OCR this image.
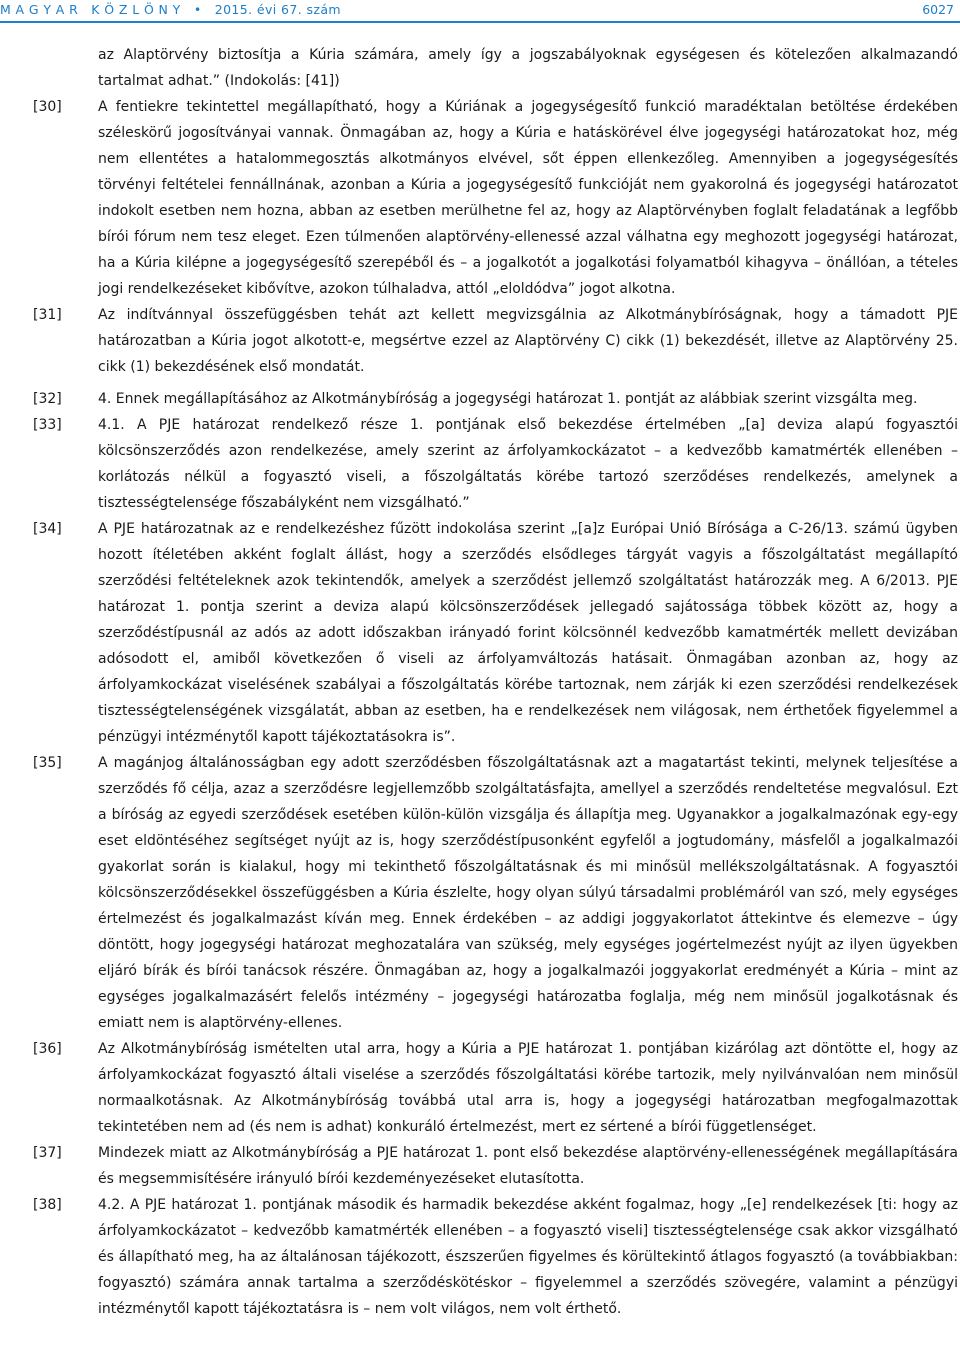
M A G Y A R   K Ö Z L Ö N Y   •   2015. évi 67. szám	6027
az Alaptörvény biztosítja a Kúria számára, amely így a jogszabályoknak egységesen és kötelezően alkalmazandó tartalmat adhat.” (Indokolás: [41])
[30]	A fentiekre tekintettel megállapítható, hogy a Kúriának a jogegységesítő funkció maradéktalan betöltése érdekében széleskörű jogosítványai vannak. Önmagában az, hogy a Kúria e hatáskörével élve jogegységi határozatokat hoz, még nem ellentétes a hatalommegosztás alkotmányos elvével, sőt éppen ellenkezőleg. Amennyiben a jogegységesítés törvényi feltételei fennállnának, azonban a Kúria a jogegységesítő funkcióját nem gyakorolná és jogegységi határozatot indokolt esetben nem hozna, abban az esetben merülhetne fel az, hogy az Alaptörvényben foglalt feladatának a legfőbb bírói fórum nem tesz eleget. Ezen túlmenően alaptörvény-ellenessé azzal válhatna egy meghozott jogegységi határozat, ha a Kúria kilépne a jogegységesítő szerepéből és – a jogalkotót a jogalkotási folyamatból kihagyva – önállóan, a tételes jogi rendelkezéseket kibővítve, azokon túlhaladva, attól „eloldódva” jogot alkotna.
[31]	Az indítvánnyal összefüggésben tehát azt kellett megvizsgálnia az Alkotmánybíróságnak, hogy a támadott PJE határozatban a Kúria jogot alkotott-e, megsértve ezzel az Alaptörvény C) cikk (1) bekezdését, illetve az Alaptörvény 25. cikk (1) bekezdésének első mondatát.
[32]	4. Ennek megállapításához az Alkotmánybíróság a jogegységi határozat 1. pontját az alábbiak szerint vizsgálta meg.
[33]	4.1. A PJE határozat rendelkező része 1. pontjának első bekezdése értelmében „[a] deviza alapú fogyasztói kölcsönszerződés azon rendelkezése, amely szerint az árfolyamkockázatot – a kedvezőbb kamatmérték ellenében – korlátozás nélkül a fogyasztó viseli, a főszolgáltatás körébe tartozó szerződéses rendelkezés, amelynek a tisztességtelensége főszabályként nem vizsgálható.”
[34]	A PJE határozatnak az e rendelkezéshez fűzött indokolása szerint „[a]z Európai Unió Bírósága a C-26/13. számú ügyben hozott ítéletében akként foglalt állást, hogy a szerződés elsődleges tárgyát vagyis a főszolgáltatást megállapító szerződési feltételeknek azok tekintendők, amelyek a szerződést jellemző szolgáltatást határozzák meg. A 6/2013. PJE határozat 1. pontja szerint a deviza alapú kölcsönszerződések jellegadó sajátossága többek között az, hogy a szerződéstípusnál az adós az adott időszakban irányadó forint kölcsönnél kedvezőbb kamatmérték mellett devizában adósodott el, amiből következően ő viseli az árfolyamváltozás hatásait. Önmagában azonban az, hogy az árfolyamkockázat viselésének szabályai a főszolgáltatás körébe tartoznak, nem zárják ki ezen szerződési rendelkezések tisztességtelenségének vizsgálatát, abban az esetben, ha e rendelkezések nem világosak, nem érthetőek figyelemmel a pénzügyi intézménytől kapott tájékoztatásokra is”.
[35]	A magánjog általánosságban egy adott szerződésben főszolgáltatásnak azt a magatartást tekinti, melynek teljesítése a szerződés fő célja, azaz a szerződésre legjellemzőbb szolgáltatásfajta, amellyel a szerződés rendeltetése megvalósul. Ezt a bíróság az egyedi szerződések esetében külön-külön vizsgálja és állapítja meg. Ugyanakkor a jogalkalmazónak egy-egy eset eldöntéséhez segítséget nyújt az is, hogy szerződéstípusonként egyfelől a jogtudomány, másfelől a jogalkalmazói gyakorlat során is kialakul, hogy mi tekinthető főszolgáltatásnak és mi minősül mellékszolgáltatásnak. A fogyasztói kölcsönszerződésekkel összefüggésben a Kúria észlelte, hogy olyan súlyú társadalmi problémáról van szó, mely egységes értelmezést és jogalkalmazást kíván meg. Ennek érdekében – az addigi joggyakorlatot áttekintve és elemezve – úgy döntött, hogy jogegységi határozat meghozatalára van szükség, mely egységes jogértelmezést nyújt az ilyen ügyekben eljáró bírák és bírói tanácsok részére. Önmagában az, hogy a jogalkalmazói joggyakorlat eredményét a Kúria – mint az egységes jogalkalmazásért felelős intézmény – jogegységi határozatba foglalja, még nem minősül jogalkotásnak és emiatt nem is alaptörvény-ellenes.
[36]	Az Alkotmánybíróság ismételten utal arra, hogy a Kúria a PJE határozat 1. pontjában kizárólag azt döntötte el, hogy az árfolyamkockázat fogyasztó általi viselése a szerződés főszolgáltatási körébe tartozik, mely nyilvánvalóan nem minősül normaalkotásnak. Az Alkotmánybíróság továbbá utal arra is, hogy a jogegységi határozatban megfogalmazottak tekintetében nem ad (és nem is adhat) konkuráló értelmezést, mert ez sértené a bírói függetlenséget.
[37]	Mindezek miatt az Alkotmánybíróság a PJE határozat 1. pont első bekezdése alaptörvény-ellenességének megállapítására és megsemmisítésére irányuló bírói kezdeményezéseket elutasította.
[38]	4.2. A PJE határozat 1. pontjának második és harmadik bekezdése akként fogalmaz, hogy „[e] rendelkezések [ti: hogy az árfolyamkockázatot – kedvezőbb kamatmérték ellenében – a fogyasztó viseli] tisztességtelensége csak akkor vizsgálható és állapítható meg, ha az általánosan tájékozott, észszerűen figyelmes és körültekintő átlagos fogyasztó (a továbbiakban: fogyasztó) számára annak tartalma a szerződéskötéskor – figyelemmel a szerződés szövegére, valamint a pénzügyi intézménytől kapott tájékoztatásra is – nem volt világos, nem volt érthető.
